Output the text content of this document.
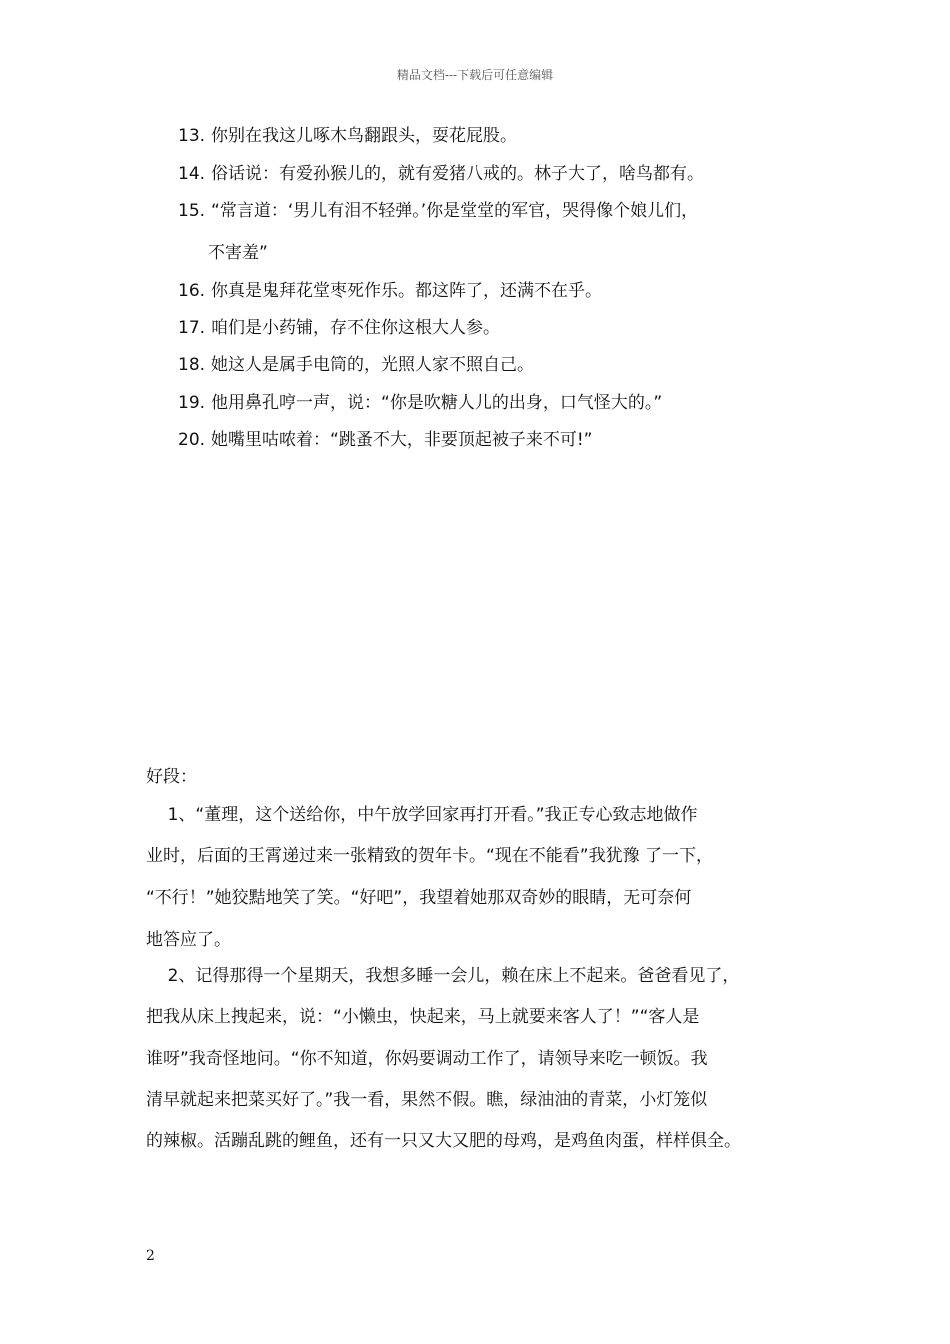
精品文档---下载后可任意编辑
13. 你别在我这儿啄木鸟翻跟头，耍花屁股。
14. 俗话说：有爱孙猴儿的，就有爱猪八戒的。林子大了，啥鸟都有。
15. “常言道：‘男儿有泪不轻弹。’你是堂堂的军官，哭得像个娘儿们，
不害羞”
16. 你真是鬼拜花堂枣死作乐。都这阵了，还满不在乎。
17. 咱们是小药铺，存不住你这根大人参。
18. 她这人是属手电筒的，光照人家不照自己。
19. 他用鼻孔哼一声，说：“你是吹糖人儿的出身，口气怪大的。”
20. 她嘴里咕哝着：“跳蚤不大，非要顶起被子来不可!”
好段：
1、“董理，这个送给你，中午放学回家再打开看。”我正专心致志地做作
业时，后面的王霄递过来一张精致的贺年卡。“现在不能看”我犹豫 了一下，
“不行！”她狡黠地笑了笑。“好吧”，我望着她那双奇妙的眼睛，无可奈何
地答应了。
2、记得那得一个星期天，我想多睡一会儿，赖在床上不起来。爸爸看见了，
把我从床上拽起来，说：“小懒虫，快起来，马上就要来客人了！”“客人是
谁呀”我奇怪地问。“你不知道，你妈要调动工作了，请领导来吃一顿饭。我
清早就起来把菜买好了。”我一看，果然不假。瞧，绿油油的青菜，小灯笼似
的辣椒。活蹦乱跳的鲤鱼，还有一只又大又肥的母鸡，是鸡鱼肉蛋，样样俱全。
2
